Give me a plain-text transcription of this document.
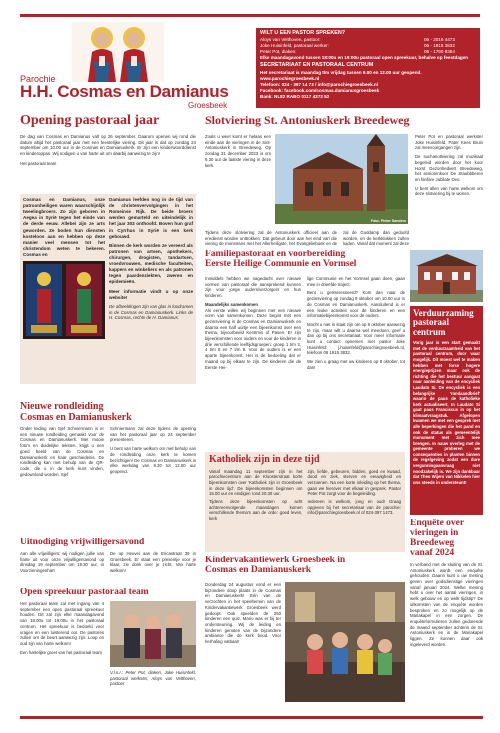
Parochie
H.H. Cosmas en Damianus
Groesbeek
WILT U EEN PASTOR SPREKEN?
Aloys van Velthoven, pastoor:	06 - 2016 4473
Joke Huisinfeld, pastoraal werker:	06 - 1915 3832
Peter Pot, diaken:	06 - 1790 9384
Elke maandagavond tussen 18:00u en 19:00u pastoraal open spreekuur, behalve op feestdagen
SECRETARIAAT EN PASTORAAL CENTRUM
Het secretariaat is maandag t/m vrijdag tussen 9.00 en 12.00 uur geopend.
www.parochiegroesbeek.nl
Telefoon: 024 - 397 14 73 / info@parochiegroesbeek.nl
Facebook: facebook.com/cosmas.damianusgroesbeek
Bank: NL82 RABO 0117 4373 52
Opening pastoraal jaar
De dag van Cosmas en Damianus valt op 26 september. Daarom openen wij rond die datum altijd het pastoraal jaar met een feestelijke viering. Dit jaar is dat op zondag 24 september om 10.00 uur in de Cosmas en Damianuskerk. Er zijn een kinderwoorddienst en kinderoppas. Wij nodigen u van harte uit om daarbij aanwezig te zijn!
Het pastoraal team
Cosmas en Damianus, onze patroonheiligen waren waarschijnlijk tweelingbroers. Zo zijn geboren in Aegea in Syrië tegen het einde van de derde eeuw. Allebei zijn ze arts geworden. Ze boden hun diensten kosteloos aan en hebben op deze manier veel mensen tot het christendom weten te bekeren. Cosmas en
Damianus leefden nog in de tijd van de christenvervolgingen in het Romeinse Rijk. De beide broers werden gemarteld en uiteindelijk in het jaar 303 onthoofd. Boven hun graf in Cyrrhus in Syrië is een kerk gebouwd.
Binnen de kerk worden ze vereerd als patronen van artsen, apothekers, chirurgen, drogisten, tandartsen, vroedvrouwen, medische faculteiten, kappers en winkeliers en als patronen tegen paardenziekten, zweren en epidemieën.
Meer informatie vindt u op onze website!
De afbeeldingen zijn van glas in loodramen in de Cosmas en Damianuskerk. Links de H. Cosmas, rechts de H. Damianus.
Slotviering St. Antoniuskerk Breedeweg
Zoals u weet komt er helaas een einde aan de vieringen in de Sint-Antoniuskerk in Breedeweg. Op zondag 31 december 2023 is om 9.30 uur de laatste viering in deze kerk.
Foto: Pieter Sanders
Tijdens deze slotviering zal de Antoniuskerk officieel aan de eredienst worden onttrokken. Dat gebeurt door aan het eind van die viering de monstrans met het Allerheiligste, het Evangelieboek en de
zal de Goddamp dan gedoofd worden, en de kerkklokken zullen luiden. Vanaf dat moment zal deze
Peter Pot en pastoraal werkster Joke Huisinfeld. Pater Kees Bruin zal meevoorgangen zijn.
De suchariotlviering zal muzikaal begeleid worden door het koor Horst Gezonhedvert Breedeweg, het seniorenkoor De Staubbberen en fanfare Jubilate Deo.
U bent allen van harte welkom om deze slotviering bij te wonen.
Familiepastoraat en voorbereiding
Eerste Heilige Communie en Vormsel
Inmiddels hebben we nagedacht over nieuwe vormen van pastoraal die aansprekend kunnen zijn voor jonge ouders/verzorgers en hun kinderen.
Maandelijks samenkomen
Als eerste willen wij beginnen met een nieuwe vorm van samenkomen. Deze begint met een gezinsviering in de Cosmas en Damianuskerk en daarna een half uurtje een bijeenkomst over een thema, bijvoorbeeld Kerstmis of Pasen. Er zijn bijeenkomsten voor ouders en voor de kinderen in drie verschillende leeftijdsgroepen: groep 1 t/m 3, 4 t/m 6 en 7 t/m 8. Voor de ouders is er een aparte bijeenkomst. Het is de bedoeling dat er maand op bij elkaar te zijn. De kinderen die de Eerste Hei-
lige Communie en het Vormsel gaan doen, gaan mee in drieëfde traject.
Bent u geïnteresseerd? Kom dan naar de gezinsviering op zondag 8 oktober om 10.00 uur in de Cosmas en Damianuskerk. Aansluitend is er een leuke activiteit voor de kinderen en een informatiebijeenkomst voor de ouders.
Mocht u niet in staat zijn om op 8 oktober aanwezig te zijn, maar wilt u daarna wel meedoen, geef u dan op bij ons secretariaat. Voor meer informatie kunt u contact opnemen met pastor Joke Huisinfeld: j.huisinfeld@parochiegroesbeek.nl, telefoon 06 1915 3832.
We zien u graag met uw kinderen op 8 oktober, tot dan!
Katholiek zijn in deze tijd
Vanaf maandag 11 september zijn in het parochiecentrum aan de Kloosterstraat korte bijeenkomsten over 'Katholiek zijn in Groesbeek in deze tijd'. De bijeenkomsten beginnen om 15.00 uur en eindigen rond 20.30 uur.
Tijdens deze bijeenkomsten op acht achtereenvolgende maandagen komen verschillende thema's aan de orde: goed leven, kerk
zijn, liefde, gebeuren, bidden, goed en kwaad, dood en ziek, sterven en eeuwigheid en verzoenen. Na een korte inleiding op het thema, gaan we hierover met elkaar in gesprek. Pastor Peter Pot zorgt voor de begeleiding.
Iedereen is welkom, jong en oud! Graag opgeven bij het secretariaat van de parochie: info@parochiegroesbeek.nl of 024-397 1473.
Kindervakantiewerk Groesbeek in
Cosmas en Damianuskerk
Donderdag 24 augustus vond er een bijzondere doop plaats in de Cosmas en Damianuskerk! Eén van de verzochten in het speelterrein van de Kindervakantiewerk Groesbeek werd gedoopt. Ook speelden de 250 kinderen een quiz. Mario was er bij ter ondersteuning. Wij de leiding en kinderen genoten van de bijzondere ambiance die de kerk bood. Voor herhaling vatbaar!
Nieuwe rondleiding
Cosmas en Damianuskerk
Onder leiding van Sjef Schniermann is er een nieuwe rondleiding gemaakt voor de Cosmas en Damianuskerk. Met mooie foto's en duidelijke teksten, krijgt u een goed beeld van de Cosmas en Damianuskerk en haar geschiedenis. De rondleiding kan met behulp van de QR-code, die u in de kerk kunt vinden, gedownload worden. Sjef
Schniermann zal deze tijdens de opening van het pastoraal jaar op 24 september presenteren.
U bent van harte welkom om met behulp van de rondleiding onze kerk te komen bezichtigen! De Cosmas en Damianuskerk is elke werkdag van 9.30 tot 12.00 uur geopend.
Uitnodiging vrijwilligersavond
Aan alle vrijwilligers: wij nodigen jullie van harte uit voor onze vrijwilligersavond op dinsdag 19 september om 19.30 uur, in Voorzieningenhart
De op Heuvel aan de Ericastraat 39 in Groesbeek. Er staat een presentje voor je klaar, zie donk over je zicht. Van harte welkom!
Open spreekuur pastoraal team
Het pastoraal team zal met ingang van 4 september een open pastoraal spreekuur houden. Dit zal zijn elke maandagavond van 18.00u tot 19.00u in het pastoraal centrum. Het spreekuur is bedoeld voor vragen en een luisterend oor. De pastores zullen om de beurt aanwezig zijn. Loop en oud zijn van harte welkom!
Een hartelijke groet van het pastoraal team
V.l.n.r.: Peter Pot, diaken, Joke Huisinfeld, pastoraal werkster, Aloys van Velthoven, pastoor
Verduurzaming
pastoraal centrum
Vorig jaar is een start gemaakt met de verduurzaamheid van het pastoraal centrum, door waar mogelijk. Dit moest wel te maken hebben met forse hogere energieprijzen maar ook de richting die het bestuur aangaat naar aanleiding van de encycliek Laudato Si. De encycliek is een belangrijke 'rondaandbrief' waarin de paus de katholieke kerk actualiseert. In Laudato Si gaat paus Franciscus in op het klimaatvraagstuk. Afgelopen kwamen we met een gesprek met alle beperkingen die het pand en ook de status als gemeentelijk monument met zich mee brengen. In nauw overleg met de gemeente proberen we consequenties in planten binnen de regelgeving zodat een dure vergunningaanvraag niet noodzakelijk is. We zijn dankbaar dat Theo Wijers van Nikkelen hier ons steeds in ondersteunt!
Enquête over
vieringen in
Breedeweg
vanaf 2024
In verband met de sluiting van de St. Antoniuskerk wordt een enquête gehouden. Daarin kunt u uw mening geven over godsdienstige vieringen vanaf januari 2024. Welke mening hebt u over het aantal vieringen, in welk gebouw en op welk tijdstip? De uitkomsten van de enquête worden besproken en zo mogelijk op de Mariakapel in een zorgen. De enquêteformulieren zullen gedurende de maand september achterin de St. Antoniuskerk en in de Mariakapel liggen. Ze kunnen daar ook ingeleverd worden.
